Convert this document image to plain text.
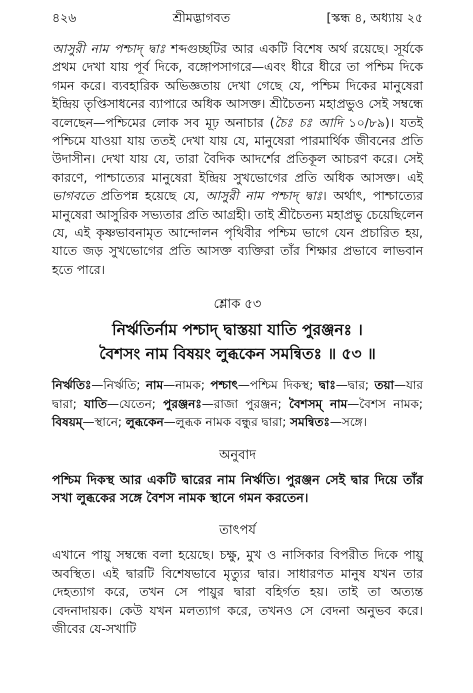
৪২৬	শ্রীমদ্ভাগবত	[স্কন্ধ ৪, অধ্যায় ২৫

আসুরী নাম পশ্চাদ্ দ্বাঃ শব্দগুচ্ছটির আর একটি বিশেষ অর্থ রয়েছে। সূর্যকে প্রথম দেখা যায় পূর্ব দিকে, বঙ্গোপসাগরে—এবং ধীরে ধীরে তা পশ্চিম দিকে গমন করে। ব্যবহারিক অভিজ্ঞতায় দেখা গেছে যে, পশ্চিম দিকের মানুষেরা ইন্দ্রিয় তৃপ্তিসাধনের ব্যাপারে অধিক আসক্ত। শ্রীচৈতন্য মহাপ্রভুও সেই সম্বন্ধে বলেছেন—পশ্চিমের লোক সব মূঢ় অনাচার (চৈঃ চঃ আদি ১০/৮৯)। যতই পশ্চিমে যাওয়া যায় ততই দেখা যায় যে, মানুষেরা পারমার্থিক জীবনের প্রতি উদাসীন। দেখা যায় যে, তারা বৈদিক আদর্শের প্রতিকূল আচরণ করে। সেই কারণে, পাশ্চাত্যের মানুষেরা ইন্দ্রিয় সুখভোগের প্রতি অধিক আসক্ত। এই ভাগবতে প্রতিপন্ন হয়েছে যে, আসুরী নাম পশ্চাদ্ দ্বাঃ। অর্থাৎ, পাশ্চাত্যের মানুষেরা আসুরিক সভ্যতার প্রতি আগ্রহী। তাই শ্রীচৈতন্য মহাপ্রভু চেয়েছিলেন যে, এই কৃষ্ণভাবনামৃত আন্দোলন পৃথিবীর পশ্চিম ভাগে যেন প্রচারিত হয়, যাতে জড় সুখভোগের প্রতি আসক্ত ব্যক্তিরা তাঁর শিক্ষার প্রভাবে লাভবান হতে পারে।

শ্লোক ৫৩

নির্ঋতির্নাম পশ্চাদ্ দ্বাস্তয়া যাতি পুরঞ্জনঃ ।

বৈশসং নাম বিষয়ং লুব্ধকেন সমন্বিতঃ ॥ ৫৩ ॥

নির্ঋতিঃ—নির্ঋতি; নাম—নামক; পশ্চাৎ—পশ্চিম দিকস্থ; দ্বাঃ—দ্বার; তয়া—যার দ্বারা; যাতি—যেতেন; পুরঞ্জনঃ—রাজা পুরঞ্জন; বৈশসম্ নাম—বৈশস নামক; বিষয়ম্—স্থানে; লুব্ধকেন—লুব্ধক নামক বন্ধুর দ্বারা; সমন্বিতঃ—সঙ্গে।

অনুবাদ

পশ্চিম দিকস্থ আর একটি দ্বারের নাম নির্ঋতি। পুরঞ্জন সেই দ্বার দিয়ে তাঁর সখা লুব্ধকের সঙ্গে বৈশস নামক স্থানে গমন করতেন।

তাৎপর্য

এখানে পায়ু সম্বন্ধে বলা হয়েছে। চক্ষু, মুখ ও নাসিকার বিপরীত দিকে পায়ু অবস্থিত। এই দ্বারটি বিশেষভাবে মৃত্যুর দ্বার। সাধারণত মানুষ যখন তার দেহত্যাগ করে, তখন সে পায়ুর দ্বারা বহির্গত হয়। তাই তা অত্যন্ত বেদনাদায়ক। কেউ যখন মলত্যাগ করে, তখনও সে বেদনা অনুভব করে। জীবের যে-সখাটি
